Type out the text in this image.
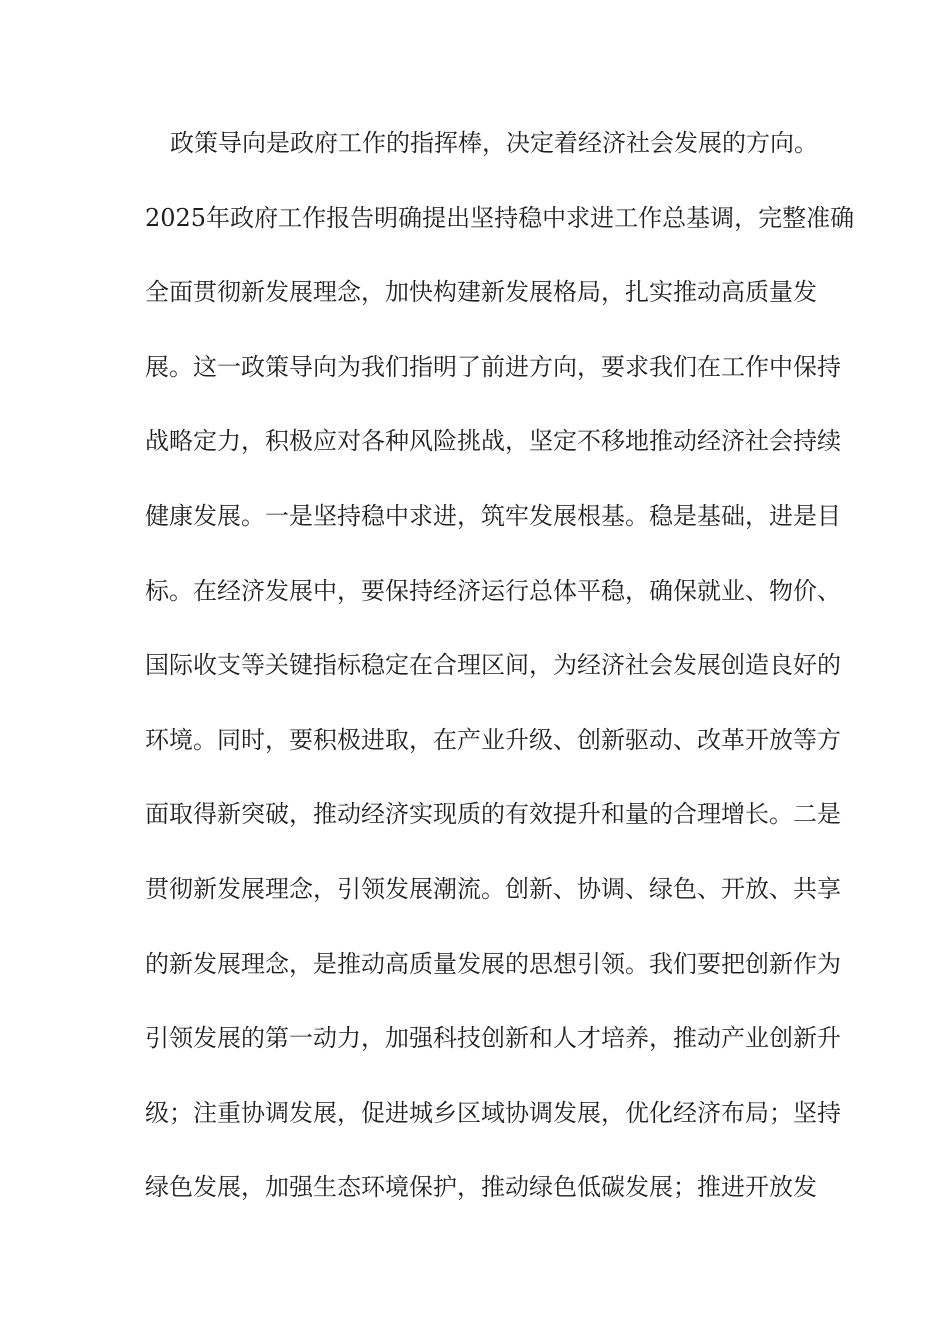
政策导向是政府工作的指挥棒，决定着经济社会发展的方向。
2025年政府工作报告明确提出坚持稳中求进工作总基调，完整准确
全面贯彻新发展理念，加快构建新发展格局，扎实推动高质量发
展。这一政策导向为我们指明了前进方向，要求我们在工作中保持
战略定力，积极应对各种风险挑战，坚定不移地推动经济社会持续
健康发展。一是坚持稳中求进，筑牢发展根基。稳是基础，进是目
标。在经济发展中，要保持经济运行总体平稳，确保就业、物价、
国际收支等关键指标稳定在合理区间，为经济社会发展创造良好的
环境。同时，要积极进取，在产业升级、创新驱动、改革开放等方
面取得新突破，推动经济实现质的有效提升和量的合理增长。二是
贯彻新发展理念，引领发展潮流。创新、协调、绿色、开放、共享
的新发展理念，是推动高质量发展的思想引领。我们要把创新作为
引领发展的第一动力，加强科技创新和人才培养，推动产业创新升
级；注重协调发展，促进城乡区域协调发展，优化经济布局；坚持
绿色发展，加强生态环境保护，推动绿色低碳发展；推进开放发
